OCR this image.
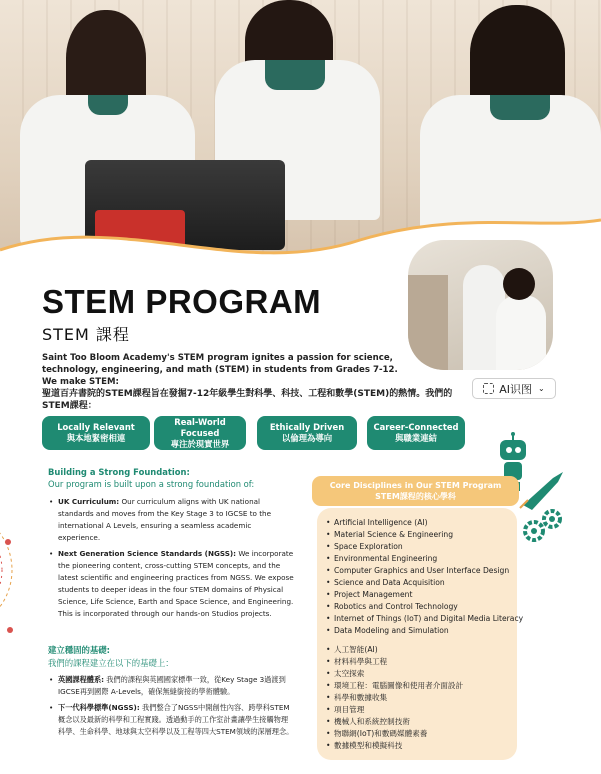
STEM PROGRAM
STEM 課程
Saint Too Bloom Academy's STEM program ignites a passion for science, technology, engineering, and math (STEM) in students from Grades 7-12. We make STEM:
聖道百卉書院的STEM課程旨在發掘7-12年級學生對科學、科技、工程和數學(STEM)的熱情。我們的STEM課程：
AI识图 ⌄
Locally Relevant
與本地緊密相連
Real-World Focused
專注於現實世界
Ethically Driven
以倫理為導向
Career-Connected
與職業連結
Building a Strong Foundation:
Our program is built upon a strong foundation of:
• UK Curriculum: Our curriculum aligns with UK national standards and moves from the Key Stage 3 to IGCSE to the international A Levels, ensuring a seamless academic experience.
• Next Generation Science Standards (NGSS): We incorporate the pioneering content, cross-cutting STEM concepts, and the latest scientific and engineering practices from NGSS. We expose students to deeper ideas in the four STEM domains of Physical Science, Life Science, Earth and Space Science, and Engineering. This is incorporated through our hands-on Studios projects.
建立穩固的基礎:
我們的課程建立在以下的基礎上：
• 英國課程體系: 我們的課程與英國國家標準一致，從Key Stage 3過渡到IGCSE再到國際 A-Levels，確保無縫銜接的學術體驗。
• 下一代科學標準(NGSS): 我們整合了NGSS中開創性內容、跨學科STEM概念以及最新的科學和工程實踐。透過動手的工作室計畫讓學生接觸物理科學、生命科學、地球與太空科學以及工程等四大STEM領域的深層理念。
Core Disciplines in Our STEM Program
STEM課程的核心學科
• Artificial Intelligence (AI)
• Material Science & Engineering
• Space Exploration
• Environmental Engineering
• Computer Graphics and User Interface Design
• Science and Data Acquisition
• Project Management
• Robotics and Control Technology
• Internet of Things (IoT) and Digital Media Literacy
• Data Modeling and Simulation
• 人工智能(AI)
• 材料科學與工程
• 太空探索
• 環境工程：電腦圖像和使用者介面設計
• 科學和數據收集
• 項目管理
• 機械人和系統控制技術
• 物聯網(IoT)和數碼媒體素養
• 數據模型和模擬科技
